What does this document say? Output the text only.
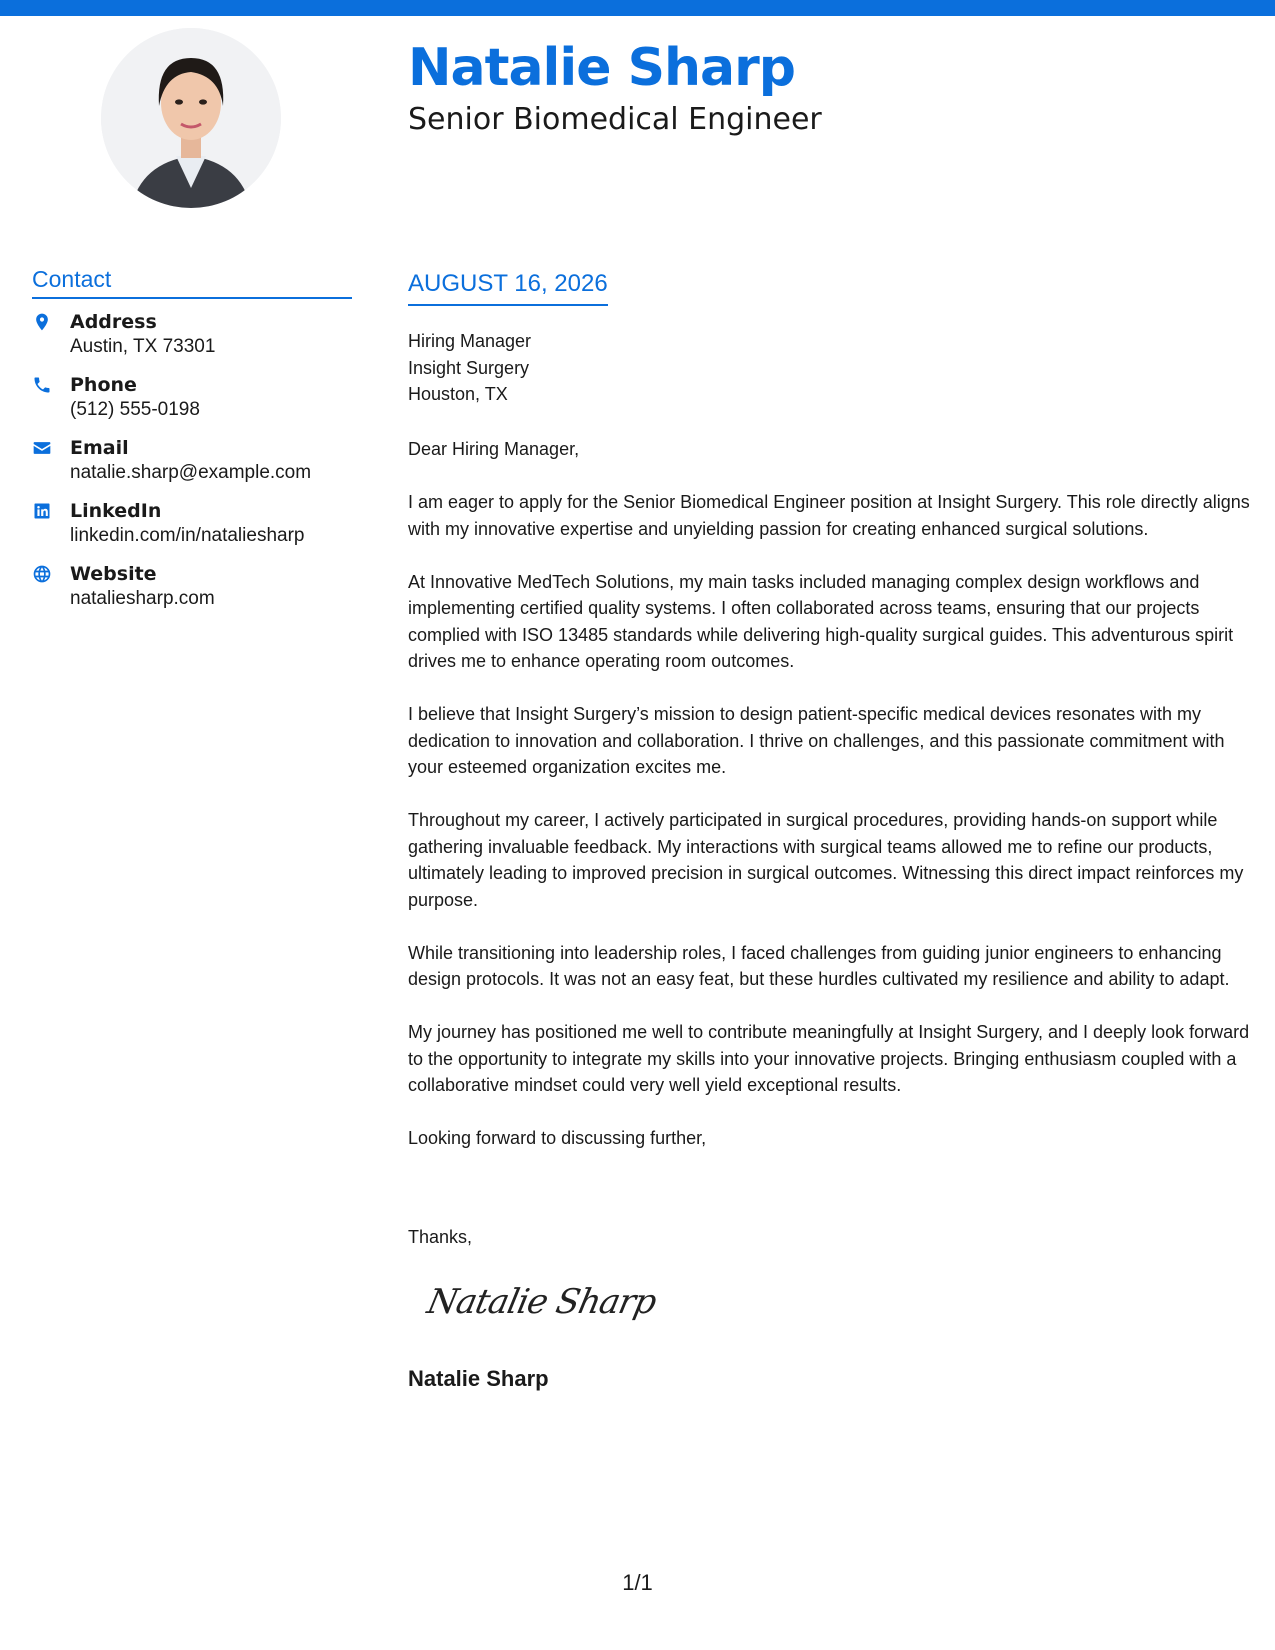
Natalie Sharp
Senior Biomedical Engineer
Contact
Address
Austin, TX 73301
Phone
(512) 555-0198
Email
natalie.sharp@example.com
LinkedIn
linkedin.com/in/nataliesharp
Website
nataliesharp.com
AUGUST 16, 2026
Hiring Manager
Insight Surgery
Houston, TX

Dear Hiring Manager,

I am eager to apply for the Senior Biomedical Engineer position at Insight Surgery. This role directly aligns with my innovative expertise and unyielding passion for creating enhanced surgical solutions.

At Innovative MedTech Solutions, my main tasks included managing complex design workflows and implementing certified quality systems. I often collaborated across teams, ensuring that our projects complied with ISO 13485 standards while delivering high-quality surgical guides. This adventurous spirit drives me to enhance operating room outcomes.

I believe that Insight Surgery’s mission to design patient-specific medical devices resonates with my dedication to innovation and collaboration. I thrive on challenges, and this passionate commitment with your esteemed organization excites me.

Throughout my career, I actively participated in surgical procedures, providing hands-on support while gathering invaluable feedback. My interactions with surgical teams allowed me to refine our products, ultimately leading to improved precision in surgical outcomes. Witnessing this direct impact reinforces my purpose.

While transitioning into leadership roles, I faced challenges from guiding junior engineers to enhancing design protocols. It was not an easy feat, but these hurdles cultivated my resilience and ability to adapt.

My journey has positioned me well to contribute meaningfully at Insight Surgery, and I deeply look forward to the opportunity to integrate my skills into your innovative projects. Bringing enthusiasm coupled with a collaborative mindset could very well yield exceptional results.

Looking forward to discussing further,

Thanks,
Natalie Sharp
Natalie Sharp
1/1
